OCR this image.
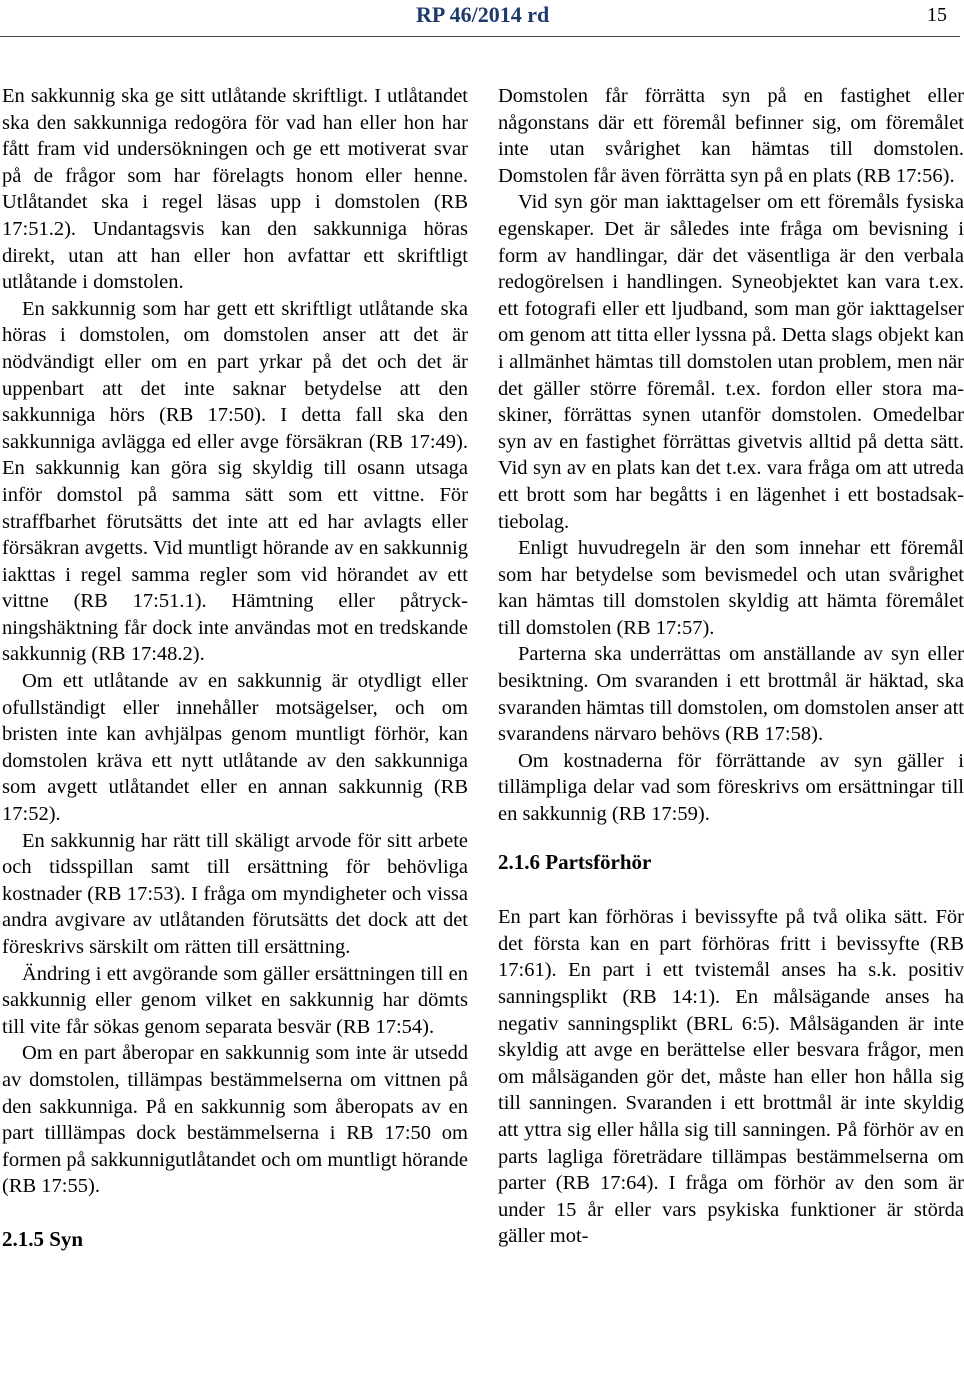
RP 46/2014 rd	15

En sakkunnig ska ge sitt utlåtande skriftligt. I utlåtandet ska den sakkunniga redogöra för vad han eller hon har fått fram vid undersökningen och ge ett motiverat svar på de frågor som har förelagts honom eller henne. Utlåtandet ska i regel läsas upp i domstolen (RB 17:51.2). Undantagsvis kan den sakkunniga höras direkt, utan att han eller hon avfattar ett skriftligt utlåtande i domstolen.

En sakkunnig som har gett ett skriftligt utlåtande ska höras i domstolen, om domstolen anser att det är nödvändigt eller om en part yrkar på det och det är uppenbart att det inte saknar betydelse att den sakkunniga hörs (RB 17:50). I detta fall ska den sakkunniga avlägga ed eller avge försäkran (RB 17:49). En sakkunnig kan göra sig skyldig till osann utsaga inför domstol på samma sätt som ett vittne. För straffbarhet förutsätts det inte att ed har avlagts eller försäkran avgetts. Vid muntligt hörande av en sakkunnig iakttas i regel samma regler som vid hörandet av ett vittne (RB 17:51.1). Hämtning eller påtryckningshäktning får dock inte användas mot en tredskande sakkunnig (RB 17:48.2).

Om ett utlåtande av en sakkunnig är otydligt eller ofullständigt eller innehåller motsägelser, och om bristen inte kan avhjälpas genom muntligt förhör, kan domstolen kräva ett nytt utlåtande av den sakkunniga som avgett utlåtandet eller en annan sakkunnig (RB 17:52).

En sakkunnig har rätt till skäligt arvode för sitt arbete och tidsspillan samt till ersättning för behövliga kostnader (RB 17:53). I fråga om myndigheter och vissa andra avgivare av utlåtanden förutsätts det dock att det föreskrivs särskilt om rätten till ersättning.

Ändring i ett avgörande som gäller ersättningen till en sakkunnig eller genom vilket en sakkunnig har dömts till vite får sökas genom separata besvär (RB 17:54).

Om en part åberopar en sakkunnig som inte är utsedd av domstolen, tillämpas bestämmelserna om vittnen på den sakkunniga. På en sakkunnig som åberopats av en part tilllämpas dock bestämmelserna i RB 17:50 om formen på sakkunnigutlåtandet och om muntligt hörande (RB 17:55).

2.1.5 Syn

Domstolen får förrätta syn på en fastighet eller någonstans där ett föremål befinner sig, om föremålet inte utan svårighet kan hämtas till domstolen. Domstolen får även förrätta syn på en plats (RB 17:56).

Vid syn gör man iakttagelser om ett föremåls fysiska egenskaper. Det är således inte fråga om bevisning i form av handlingar, där det väsentliga är den verbala redogörelsen i handlingen. Syneobjektet kan vara t.ex. ett fotografi eller ett ljudband, som man gör iakttagelser om genom att titta eller lyssna på. Detta slags objekt kan i allmänhet hämtas till domstolen utan problem, men när det gäller större föremål. t.ex. fordon eller stora maskiner, förrättas synen utanför domstolen. Omedelbar syn av en fastighet förrättas givetvis alltid på detta sätt. Vid syn av en plats kan det t.ex. vara fråga om att utreda ett brott som har begåtts i en lägenhet i ett bostadsaktiebolag.

Enligt huvudregeln är den som innehar ett föremål som har betydelse som bevismedel och utan svårighet kan hämtas till domstolen skyldig att hämta föremålet till domstolen (RB 17:57).

Parterna ska underrättas om anställande av syn eller besiktning. Om svaranden i ett brottmål är häktad, ska svaranden hämtas till domstolen, om domstolen anser att svarandens närvaro behövs (RB 17:58).

Om kostnaderna för förrättande av syn gäller i tillämpliga delar vad som föreskrivs om ersättningar till en sakkunnig (RB 17:59).

2.1.6 Partsförhör

En part kan förhöras i bevissyfte på två olika sätt. För det första kan en part förhöras fritt i bevissyfte (RB 17:61). En part i ett tvistemål anses ha s.k. positiv sanningsplikt (RB 14:1). En målsägande anses ha negativ sanningsplikt (BRL 6:5). Målsäganden är inte skyldig att avge en berättelse eller besvara frågor, men om målsäganden gör det, måste han eller hon hålla sig till sanningen. Svaranden i ett brottmål är inte skyldig att yttra sig eller hålla sig till sanningen. På förhör av en parts lagliga företrädare tillämpas bestämmelserna om parter (RB 17:64). I fråga om förhör av den som är under 15 år eller vars psykiska funktioner är störda gäller mot-
